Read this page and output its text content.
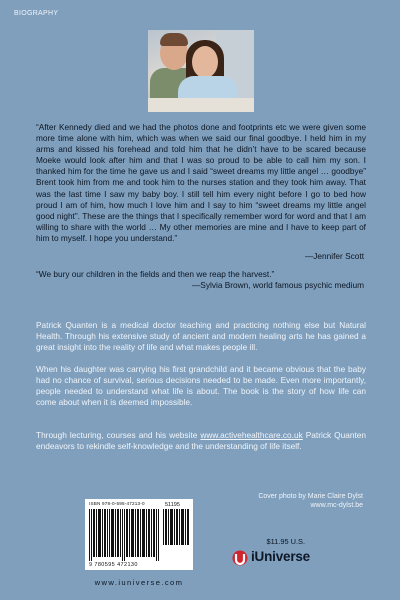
BIOGRAPHY

“After Kennedy died and we had the photos done and footprints etc we were given some more time alone with him, which was when we said our final goodbye. I held him in my arms and kissed his forehead and told him that he didn’t have to be scared because Moeke would look after him and that I was so proud to be able to call him my son. I thanked him for the time he gave us and I said “sweet dreams my little angel … goodbye” Brent took him from me and took him to the nurses station and they took him away. That was the last time I saw my baby boy. I still tell him every night before I go to bed how proud I am of him, how much I love him and I say to him “sweet dreams my little angel good night”. These are the things that I specifically remember word for word and that I am willing to share with the world … My other memories are mine and I have to keep part of him to myself. I hope you understand.”

—Jennifer Scott

“We bury our children in the fields and then we reap the harvest.”

—Sylvia Brown, world famous psychic medium

Patrick Quanten is a medical doctor teaching and practicing nothing else but Natural Health. Through his extensive study of ancient and modern healing arts he has gained a great insight into the reality of life and what makes people ill.

When his daughter was carrying his first grandchild and it became obvious that the baby had no chance of survival, serious decisions needed to be made. Even more importantly, people needed to understand what life is about. The book is the story of how life can come about when it is deemed impossible.

Through lecturing, courses and his website www.activehealthcare.co.uk Patrick Quanten endeavors to rekindle self-knowledge and the understanding of life itself.

ISBN 978-0-595-47213-0	51195
9 780595 472130
www.iuniverse.com
Cover photo by Marie Claire Dylst
www.mc-dylst.be
$11.95 U.S.
iUniverse
